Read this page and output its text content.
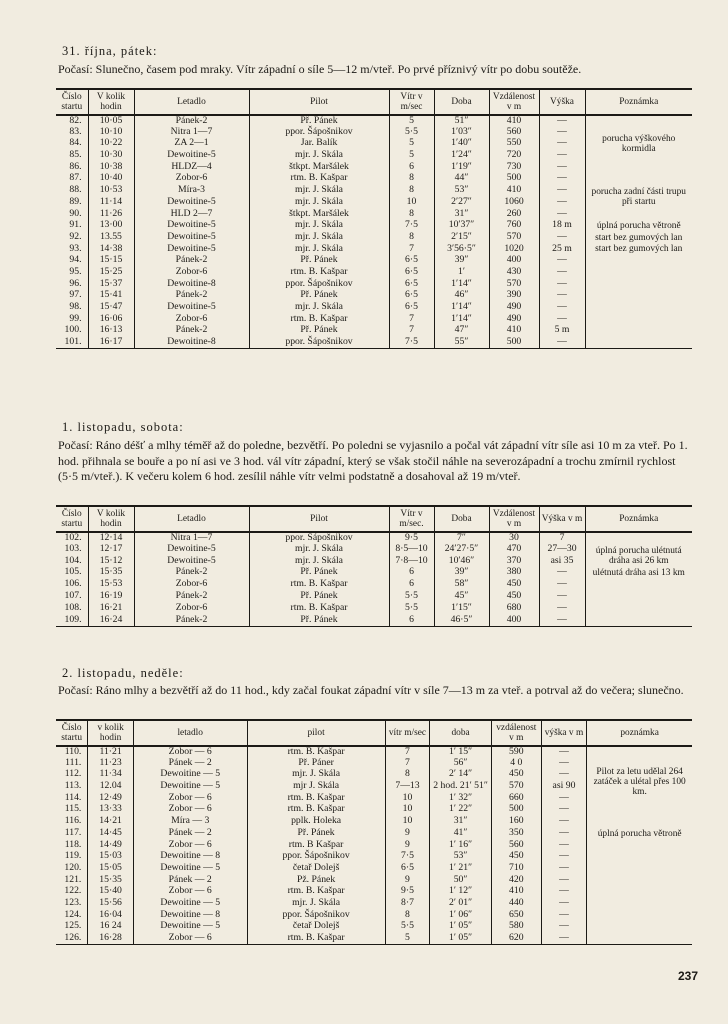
31. října, pátek:

Počasí: Slunečno, časem pod mraky. Vítr západní o síle 5—12 m/vteř. Po prvé příznivý vítr po dobu soutěže.

Číslo startu	V kolik hodin	Letadlo	Pilot	Vítr v m/sec	Doba	Vzdálenost v m	Výška	Poznámka
82.	10·05	Pánek-2	Př. Pánek	5	51″	410	—	
83.	10·10	Nitra 1—7	ppor. Šápošnikov	5·5	1′03″	560	—	porucha výškového kormidla
84.	10·22	ZA 2—1	Jar. Balík	5	1′40″	550	—	
85.	10·30	Dewoitine-5	mjr. J. Skála	5	1′24″	720	—	
86.	10·38	HLDZ—4	štkpt. Maršálek	6	1′19″	730	—	
87.	10·40	Zobor-6	rtm. B. Kašpar	8	44″	500	—	porucha zadní části trupu při startu
88.	10·53	Míra-3	mjr. J. Skála	8	53″	410	—	
89.	11·14	Dewoitine-5	mjr. J. Skála	10	2′27″	1060	—	
90.	11·26	HLD 2—7	štkpt. Maršálek	8	31″	260	—	
91.	13·00	Dewoitine-5	mjr. J. Skála	7·5	10′37″	760	18 m	úplná porucha větroně
92.	13.55	Dewoitine-5	mjr. J. Skála	8	2′15″	570	—	start bez gumových lan
93.	14·38	Dewoitine-5	mjr. J. Skála	7	3′56·5″	1020	25 m	start bez gumových lan
94.	15·15	Pánek-2	Př. Pánek	6·5	39″	400	—	
95.	15·25	Zobor-6	rtm. B. Kašpar	6·5	1′	430	—	
96.	15·37	Dewoitine-8	ppor. Šápošnikov	6·5	1′14″	570	—	
97.	15·41	Pánek-2	Př. Pánek	6·5	46″	390	—	
98.	15·47	Dewoitine-5	mjr. J. Skála	6·5	1′14″	490	—	
99.	16·06	Zobor-6	rtm. B. Kašpar	7	1′14″	490	—	
100.	16·13	Pánek-2	Př. Pánek	7	47″	410	5 m	
101.	16·17	Dewoitine-8	ppor. Šápošnikov	7·5	55″	500	—	
1. listopadu, sobota:

Počasí: Ráno déšť a mlhy téměř až do poledne, bezvětří. Po poledni se vyjasnilo a počal vát západní vítr síle asi 10 m za vteř. Po 1. hod. přihnala se bouře a po ní asi ve 3 hod. vál vítr západní, který se však stočil náhle na severozápadní a trochu zmírnil rychlost (5·5 m/vteř.). K večeru kolem 6 hod. zesílil náhle vítr velmi podstatně a dosahoval až 19 m/vteř.

Číslo startu	V kolik hodin	Letadlo	Pilot	Vítr v m/sec.	Doba	Vzdálenost v m	Výška v m	Poznámka
102.	12·14	Nitra 1—7	ppor. Šápošnikov	9·5	7″	30	7	
103.	12·17	Dewoitine-5	mjr. J. Skála	8·5—10	24′27·5″	470	27—30	úplná porucha ulétnutá dráha asi 26 km
104.	15·12	Dewoitine-5	mjr. J. Skála	7·8—10	10′46″	370	asi 35	
105.	15·35	Pánek-2	Př. Pánek	6	39″	380	—	ulétnutá dráha asi 13 km
106.	15·53	Zobor-6	rtm. B. Kašpar	6	58″	450	—	
107.	16·19	Pánek-2	Př. Pánek	5·5	45″	450	—	
108.	16·21	Zobor-6	rtm. B. Kašpar	5·5	1′15″	680	—	
109.	16·24	Pánek-2	Př. Pánek	6	46·5″	400	—	
2. listopadu, neděle:

Počasí: Ráno mlhy a bezvětří až do 11 hod., kdy začal foukat západní vítr v síle 7—13 m za vteř. a potrval až do večera; slunečno.

Číslo startu	v kolik hodin	letadlo	pilot	vítr m/sec	doba	vzdálenost v m	výška v m	poznámka
110.	11·21	Zobor — 6	rtm. B. Kašpar	7	1′ 15″	590	—	Pilot za letu udělal 264 zatáček a ulétal přes 100 km.
111.	11·23	Pánek — 2	Př. Páner	7	56″	4 0	—	
112.	11·34	Dewoitine — 5	mjr. J. Skála	8	2′ 14″	450	—	
113.	12.04	Dewoitine — 5	mjr J. Skála	7—13	2 hod. 21′ 51″	570	asi 90	
114.	12·49	Zobor — 6	rtm. B. Kašpar	10	1′ 32″	660	—	
115.	13·33	Zobor — 6	rtm. B. Kašpar	10	1′ 22″	500	—	
116.	14·21	Míra — 3	pplk. Holeka	10	31″	160	—	úplná porucha větroně
117.	14·45	Pánek — 2	Př. Pánek	9	41″	350	—	
118.	14·49	Zobor — 6	rtm. B Kašpar	9	1′ 16″	560	—	
119.	15·03	Dewoitine — 8	ppor. Šápošnikov	7·5	53″	450	—	
120.	15·05	Dewoitine — 5	četař Dolejš	6·5	1′ 21″	710	—	
121.	15·35	Pánek — 2	Pž. Pánek	9	50″	420	—	
122.	15·40	Zobor — 6	rtm. B. Kašpar	9·5	1′ 12″	410	—	
123.	15·56	Dewoitine — 5	mjr. J. Skála	8·7	2′ 01″	440	—	
124.	16·04	Dewoitine — 8	ppor. Šápošnikov	8	1′ 06″	650	—	
125.	16 24	Dewoitine — 5	četař Dolejš	5·5	1′ 05″	580	—	
126.	16·28	Zobor — 6	rtm. B. Kašpar	5	1′ 05″	620	—	
237
